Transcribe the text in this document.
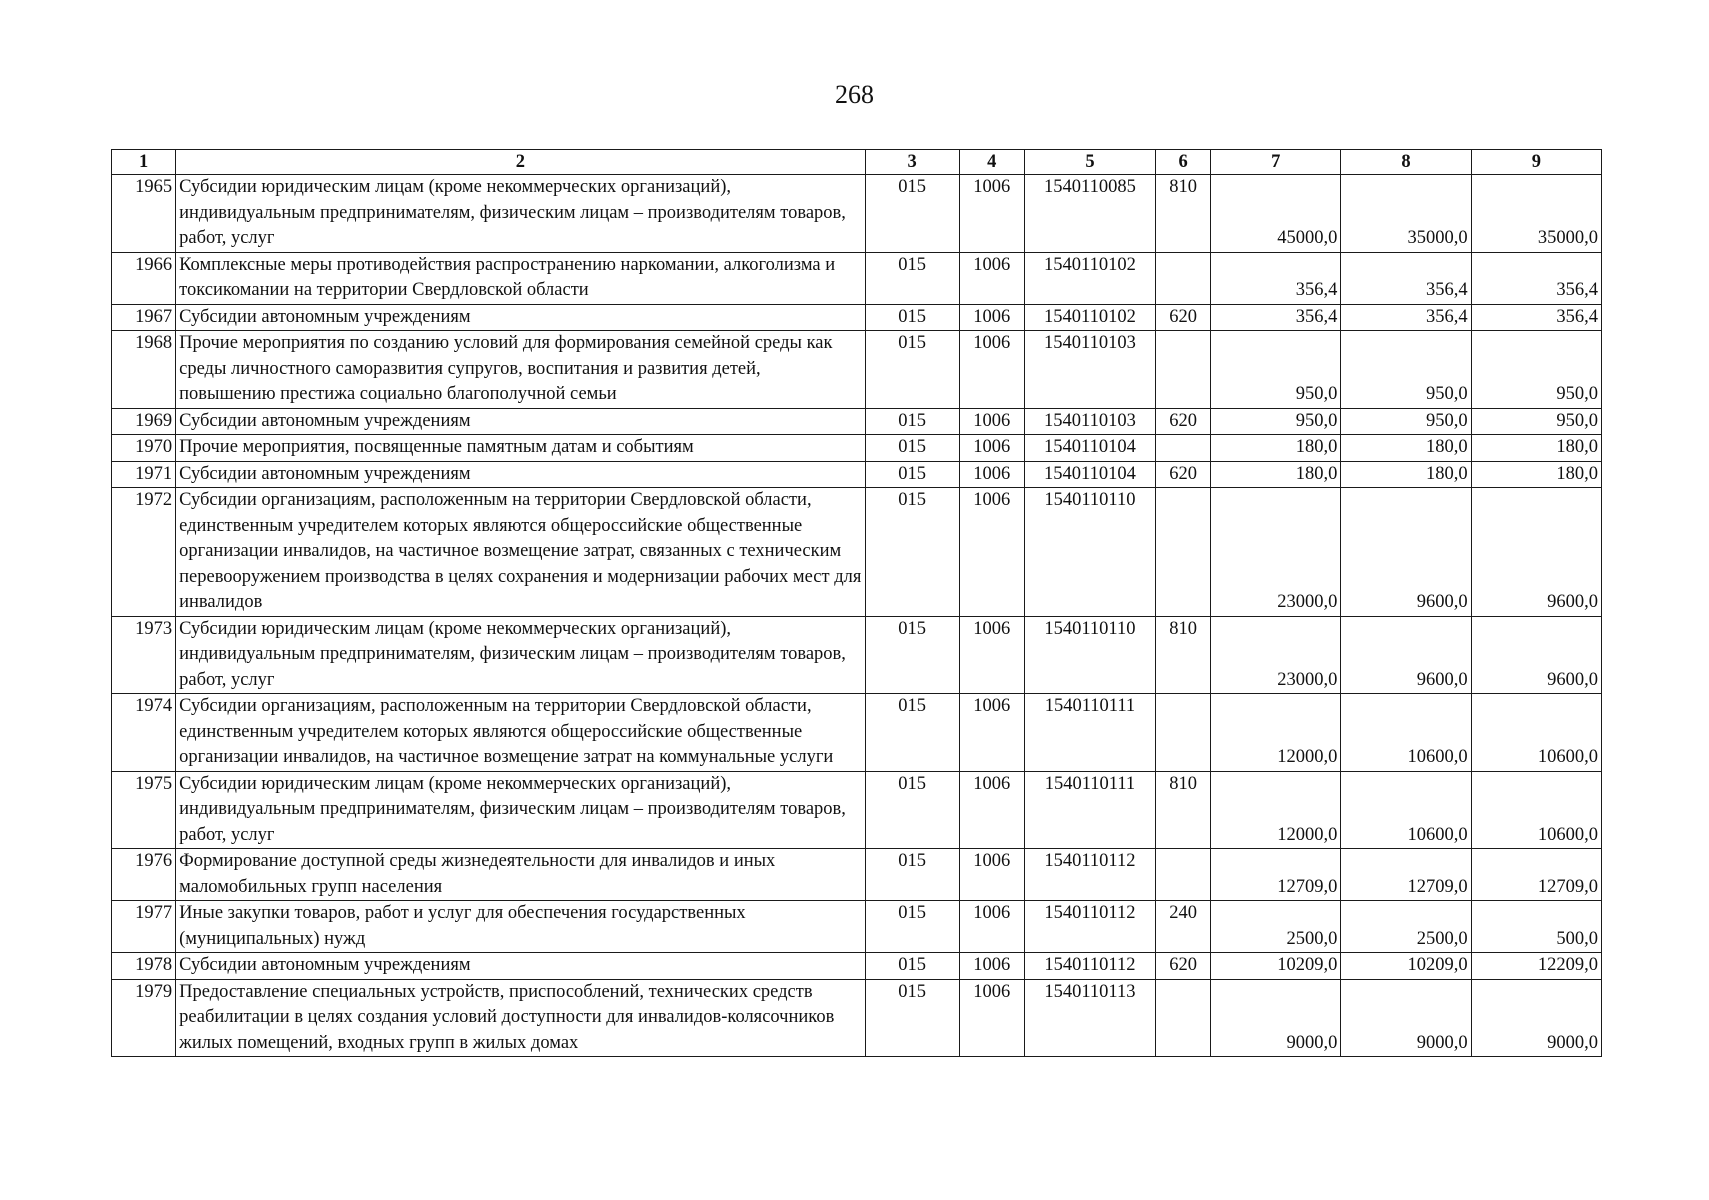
268
1	2	3	4	5	6	7	8	9
1965	Субсидии юридическим лицам (кроме некоммерческих организаций), индивидуальным предпринимателям, физическим лицам – производителям товаров, работ, услуг	015	1006	1540110085	810	45000,0	35000,0	35000,0
1966	Комплексные меры противодействия распространению наркомании, алкоголизма и токсикомании на территории Свердловской области	015	1006	1540110102		356,4	356,4	356,4
1967	Субсидии автономным учреждениям	015	1006	1540110102	620	356,4	356,4	356,4
1968	Прочие мероприятия по созданию условий для формирования семейной среды как среды личностного саморазвития супругов, воспитания и развития детей, повышению престижа социально благополучной семьи	015	1006	1540110103		950,0	950,0	950,0
1969	Субсидии автономным учреждениям	015	1006	1540110103	620	950,0	950,0	950,0
1970	Прочие мероприятия, посвященные памятным датам и событиям	015	1006	1540110104		180,0	180,0	180,0
1971	Субсидии автономным учреждениям	015	1006	1540110104	620	180,0	180,0	180,0
1972	Субсидии организациям, расположенным на территории Свердловской области, единственным учредителем которых являются общероссийские общественные организации инвалидов, на частичное возмещение затрат, связанных с техническим перевооружением производства в целях сохранения и модернизации рабочих мест для инвалидов	015	1006	1540110110		23000,0	9600,0	9600,0
1973	Субсидии юридическим лицам (кроме некоммерческих организаций), индивидуальным предпринимателям, физическим лицам – производителям товаров, работ, услуг	015	1006	1540110110	810	23000,0	9600,0	9600,0
1974	Субсидии организациям, расположенным на территории Свердловской области, единственным учредителем которых являются общероссийские общественные организации инвалидов, на частичное возмещение затрат на коммунальные услуги	015	1006	1540110111		12000,0	10600,0	10600,0
1975	Субсидии юридическим лицам (кроме некоммерческих организаций), индивидуальным предпринимателям, физическим лицам – производителям товаров, работ, услуг	015	1006	1540110111	810	12000,0	10600,0	10600,0
1976	Формирование доступной среды жизнедеятельности для инвалидов и иных маломобильных групп населения	015	1006	1540110112		12709,0	12709,0	12709,0
1977	Иные закупки товаров, работ и услуг для обеспечения государственных (муниципальных) нужд	015	1006	1540110112	240	2500,0	2500,0	500,0
1978	Субсидии автономным учреждениям	015	1006	1540110112	620	10209,0	10209,0	12209,0
1979	Предоставление специальных устройств, приспособлений, технических средств реабилитации в целях создания условий доступности для инвалидов-колясочников жилых помещений, входных групп в жилых домах	015	1006	1540110113		9000,0	9000,0	9000,0
